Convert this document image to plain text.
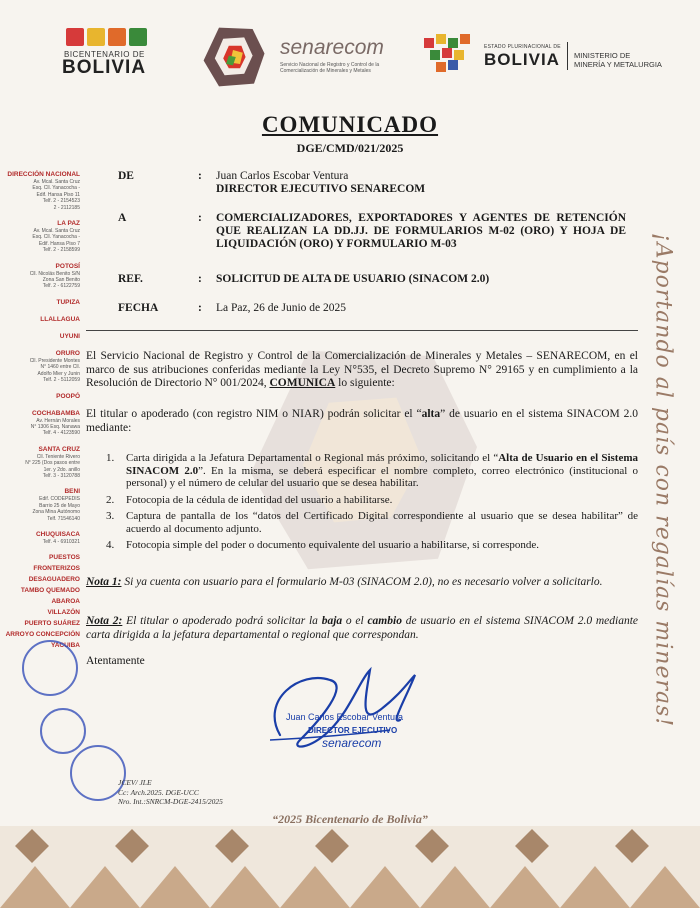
BICENTENARIO DE
BOLIVIA
senarecom
Servicio Nacional de Registro y Control de la Comercialización de Minerales y Metales
ESTADO PLURINACIONAL DE
BOLIVIA MINISTERIO DE
MINERÍA Y METALURGIA
DIRECCIÓN NACIONAL
Av. Mcal. Santa Cruz
Esq. Cll. Yanacocha -
Edif. Hansa Piso 11
Telf. 2 - 2154523
2 - 2112185
LA PAZ
Av. Mcal. Santa Cruz
Esq. Cll. Yanacocha -
Edif. Hansa Piso 7
Telf. 2 - 2158599
POTOSÍ
Cll. Nicolás Benito S/N
Zona San Benito
Telf. 2 - 6122759
TUPIZA
LLALLAGUA
UYUNI
ORURO
Cll. Presidente Montes
N° 1460 entre Cll.
Adolfo Mier y Junin
Telf. 2 - 5112059
POOPÓ
COCHABAMBA
Av. Hernán Morales
N° 1306 Esq. Nanawa
Telf. 4 - 4123590
SANTA CRUZ
Cll. Teniente Rivero
N° 225 (Dos pasos entre
1er. y 2do. anillo
Telf. 3 - 3120788
BENI
Edif. CODEPEDIS
Barrio 25 de Mayo
Zona Mina Autónomo
Telf. 71546140
CHUQUISACA
Telf. 4 - 6910321
PUESTOS
FRONTERIZOS
DESAGUADERO
TAMBO QUEMADO
ABAROA
VILLAZÓN
PUERTO SUÁREZ
ARROYO CONCEPCIÓN
YACUIBA	¡Aportando al país con regalías mineras!
COMUNICADO
DGE/CMD/021/2025
DE	: Juan Carlos Escobar Ventura
DIRECTOR EJECUTIVO SENARECOM
A	: COMERCIALIZADORES, EXPORTADORES Y AGENTES DE RETENCIÓN QUE REALIZAN LA DD.JJ. DE FORMULARIOS M-02 (ORO) Y HOJA DE LIQUIDACIÓN (ORO) Y FORMULARIO M-03
REF.	: SOLICITUD DE ALTA DE USUARIO (SINACOM 2.0)
FECHA	: La Paz, 26 de Junio de 2025
El Servicio Nacional de Registro y Control de la Comercialización de Minerales y Metales – SENARECOM, en el marco de sus atribuciones conferidas mediante la Ley N°535, el Decreto Supremo N° 29165 y en cumplimiento a la Resolución de Directorio N° 001/2024, COMUNICA lo siguiente:
El titular o apoderado (con registro NIM o NIAR) podrán solicitar el “alta” de usuario en el sistema SINACOM 2.0 mediante:
1. Carta dirigida a la Jefatura Departamental o Regional más próximo, solicitando el “Alta de Usuario en el Sistema SINACOM 2.0”. En la misma, se deberá especificar el nombre completo, correo electrónico (institucional o personal) y el número de celular del usuario que se desea habilitar.
2. Fotocopia de la cédula de identidad del usuario a habilitarse.
3. Captura de pantalla de los “datos del Certificado Digital correspondiente al usuario que se desea habilitar” de acuerdo al documento adjunto.
4. Fotocopia simple del poder o documento equivalente del usuario a habilitarse, si corresponde.
Nota 1: Si ya cuenta con usuario para el formulario M-03 (SINACOM 2.0), no es necesario volver a solicitarlo.
Nota 2: El titular o apoderado podrá solicitar la baja o el cambio de usuario en el sistema SINACOM 2.0 mediante carta dirigida a la jefatura departamental o regional que correspondan.
Atentamente
Juan Carlos Escobar Ventura
DIRECTOR EJECUTIVO
senarecom
JCEV/ JLE
Cc: Arch.2025. DGE-UCC
Nro. Int.:SNRCM-DGE-2415/2025
“2025 Bicentenario de Bolivia”
